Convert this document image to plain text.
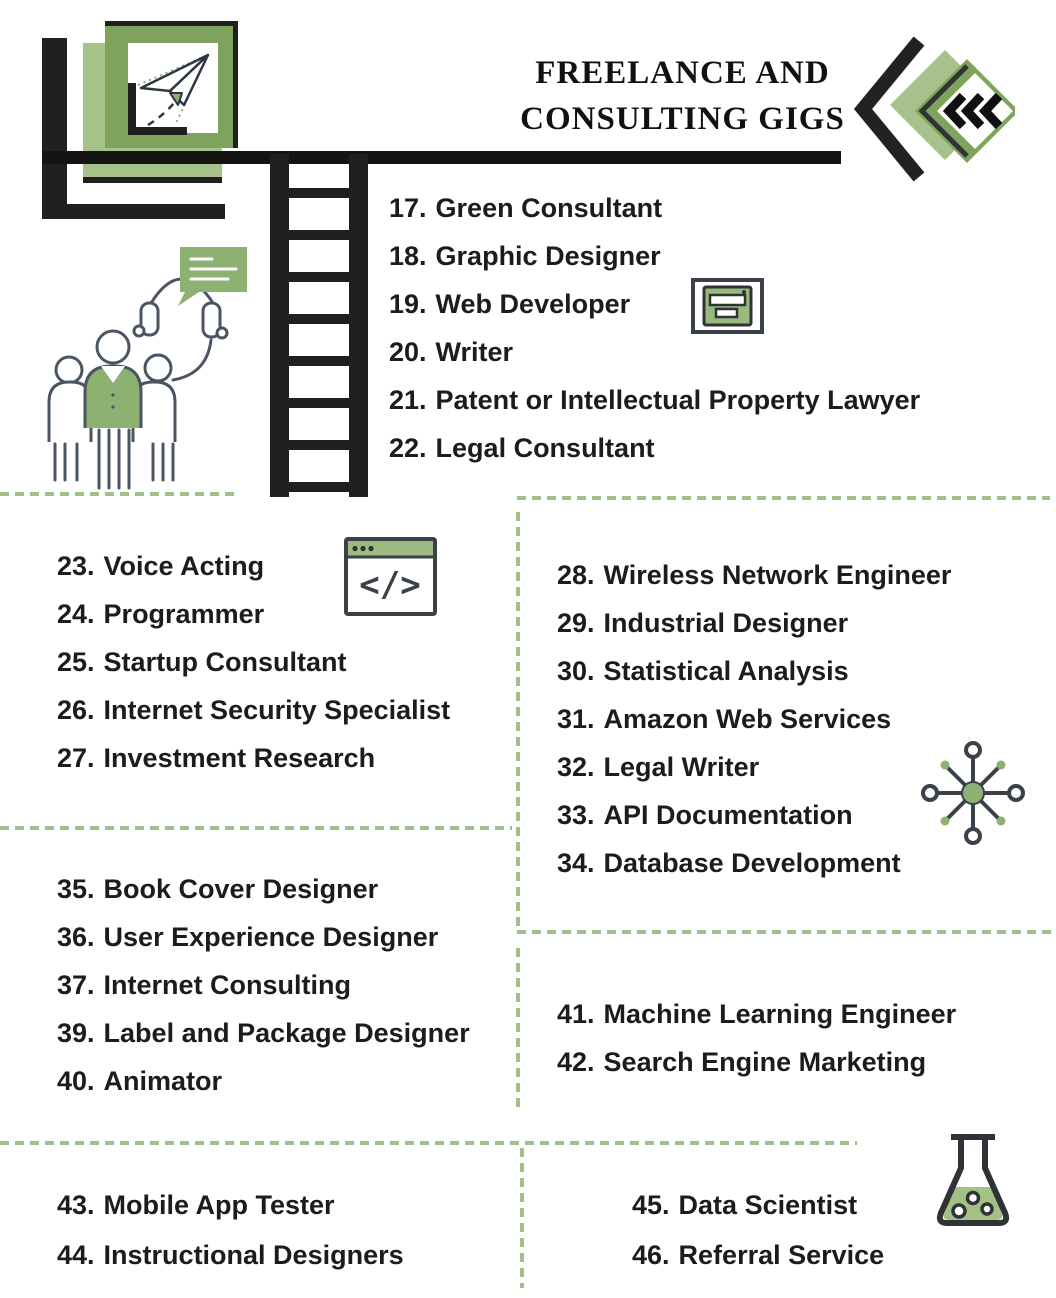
FREELANCE AND
CONSULTING GIGS
</>
17. Green Consultant
18. Graphic Designer
19. Web Developer
20. Writer
21. Patent or Intellectual Property Lawyer
22. Legal Consultant
23. Voice Acting
24. Programmer
25. Startup Consultant
26. Internet Security Specialist
27. Investment Research
28. Wireless Network Engineer
29. Industrial Designer
30. Statistical Analysis
31. Amazon Web Services
32. Legal Writer
33. API Documentation
34. Database Development
35. Book Cover Designer
36. User Experience Designer
37. Internet Consulting
39. Label and Package Designer
40. Animator
41. Machine Learning Engineer
42. Search Engine Marketing
43. Mobile App Tester
44. Instructional Designers
45. Data Scientist
46. Referral Service
